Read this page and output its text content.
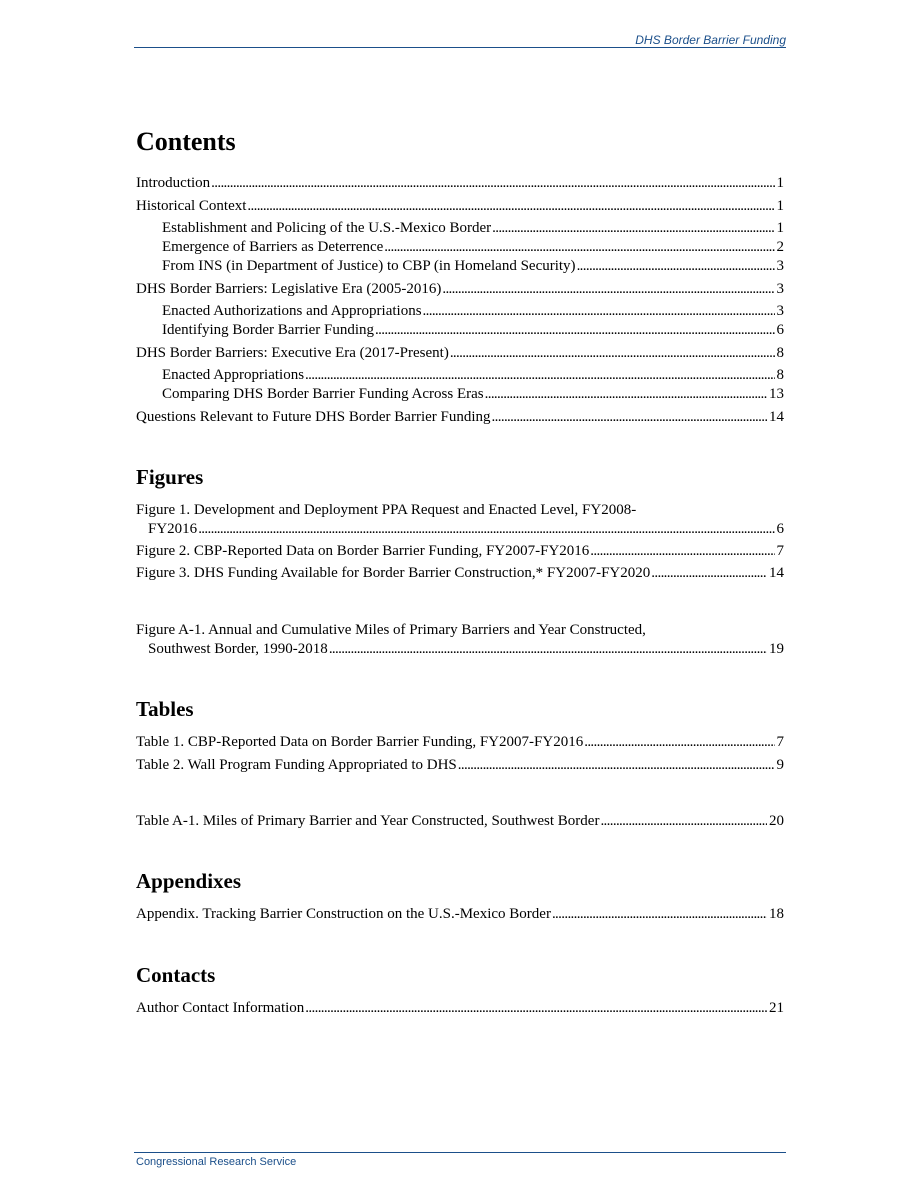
DHS Border Barrier Funding

Contents
Introduction . . .	1
Historical Context . . .	1
Establishment and Policing of the U.S.-Mexico Border . . .	1
Emergence of Barriers as Deterrence . . .	2
From INS (in Department of Justice) to CBP (in Homeland Security) . . .	3
DHS Border Barriers: Legislative Era (2005-2016) . . .	3
Enacted Authorizations and Appropriations . . .	3
Identifying Border Barrier Funding . . .	6
DHS Border Barriers: Executive Era (2017-Present) . . .	8
Enacted Appropriations . . .	8
Comparing DHS Border Barrier Funding Across Eras . . .	13
Questions Relevant to Future DHS Border Barrier Funding . . .	14
Figures
Figure 1. Development and Deployment PPA Request and Enacted Level, FY2008-
FY2016 . . .	6
Figure 2. CBP-Reported Data on Border Barrier Funding, FY2007-FY2016 . . .	7
Figure 3. DHS Funding Available for Border Barrier Construction,* FY2007-FY2020 . . .	14
Figure A-1. Annual and Cumulative Miles of Primary Barriers and Year Constructed,
Southwest Border, 1990-2018 . . .	19
Tables
Table 1. CBP-Reported Data on Border Barrier Funding, FY2007-FY2016 . . .	7
Table 2. Wall Program Funding Appropriated to DHS . . .	9
Table A-1. Miles of Primary Barrier and Year Constructed, Southwest Border . . .	20
Appendixes
Appendix. Tracking Barrier Construction on the U.S.-Mexico Border . . .	18
Contacts
Author Contact Information . . .	21

Congressional Research Service
